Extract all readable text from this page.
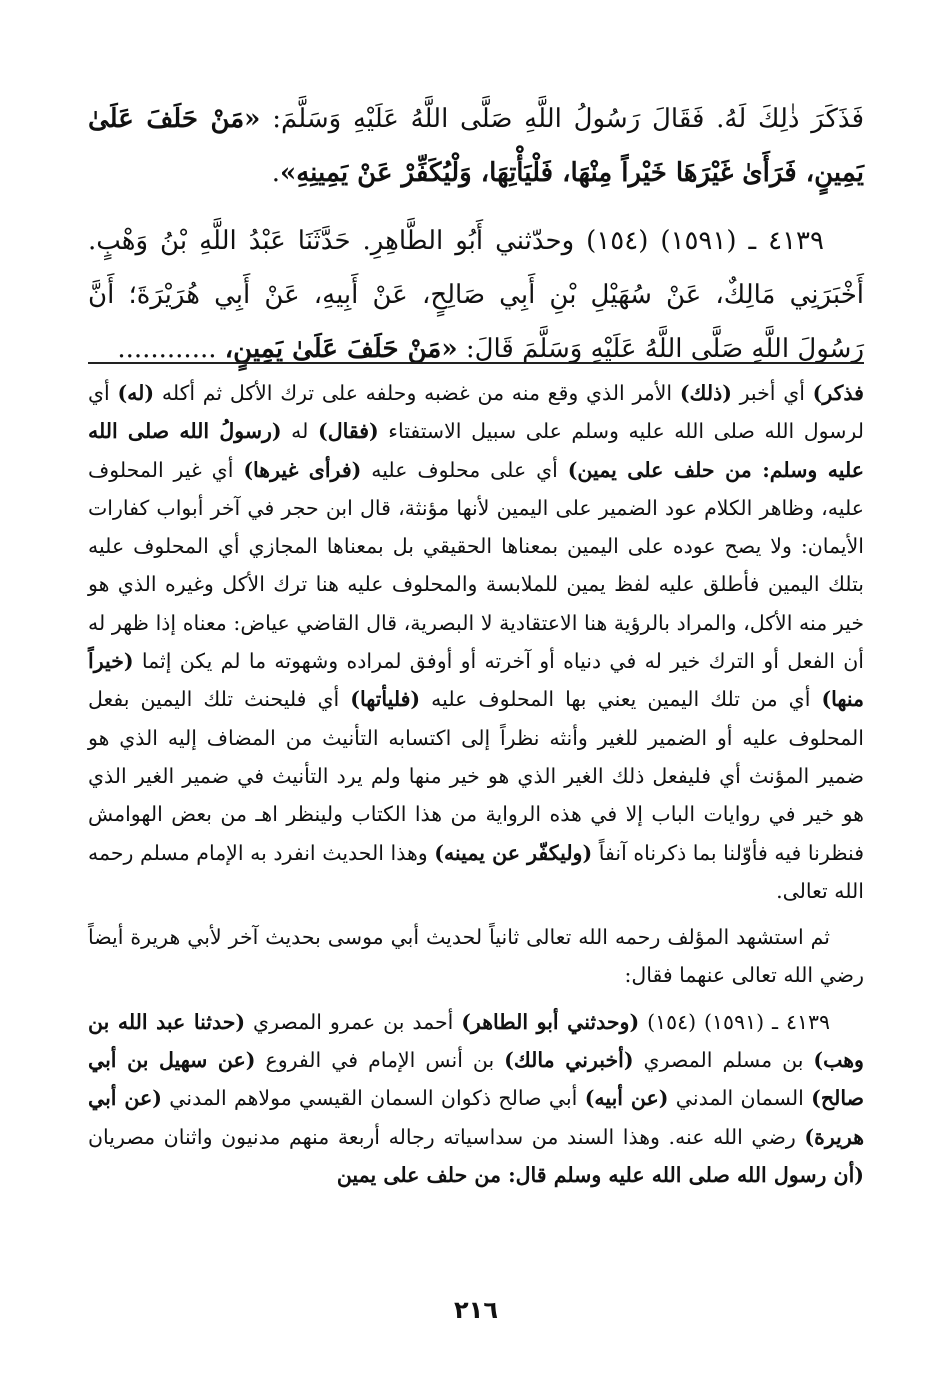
فَذَكَرَ ذٰلِكَ لَهُ. فَقَالَ رَسُولُ اللَّهِ صَلَّى اللَّهُ عَلَيْهِ وَسَلَّمَ: «مَنْ حَلَفَ عَلَىٰ يَمِينٍ، فَرَأَىٰ غَيْرَهَا خَيْراً مِنْهَا، فَلْيَأْتِهَا، وَلْيُكَفِّرْ عَنْ يَمِينِهِ».

٤١٣٩ ـ (١٥٩١) (١٥٤) وحدّثني أَبُو الطَّاهِرِ. حَدَّثَنَا عَبْدُ اللَّهِ بْنُ وَهْبٍ. أَخْبَرَنِي مَالِكٌ، عَنْ سُهَيْلِ بْنِ أَبِي صَالِحٍ، عَنْ أَبِيهِ، عَنْ أَبِي هُرَيْرَةَ؛ أَنَّ رَسُولَ اللَّهِ صَلَّى اللَّهُ عَلَيْهِ وَسَلَّمَ قَالَ: «مَنْ حَلَفَ عَلَىٰ يَمِينٍ، ............

فذكر) أي أخبر (ذلك) الأمر الذي وقع منه من غضبه وحلفه على ترك الأكل ثم أكله (له) أي لرسول الله صلى الله عليه وسلم على سبيل الاستفتاء (فقال) له (رسولُ الله صلى الله عليه وسلم: من حلف على يمين) أي على محلوف عليه (فرأى غيرها) أي غير المحلوف عليه، وظاهر الكلام عود الضمير على اليمين لأنها مؤنثة، قال ابن حجر في آخر أبواب كفارات الأيمان: ولا يصح عوده على اليمين بمعناها الحقيقي بل بمعناها المجازي أي المحلوف عليه بتلك اليمين فأطلق عليه لفظ يمين للملابسة والمحلوف عليه هنا ترك الأكل وغيره الذي هو خير منه الأكل، والمراد بالرؤية هنا الاعتقادية لا البصرية، قال القاضي عياض: معناه إذا ظهر له أن الفعل أو الترك خير له في دنياه أو آخرته أو أوفق لمراده وشهوته ما لم يكن إثما (خيراً منها) أي من تلك اليمين يعني بها المحلوف عليه (فليأتها) أي فليحنث تلك اليمين بفعل المحلوف عليه أو الضمير للغير وأنثه نظراً إلى اكتسابه التأنيث من المضاف إليه الذي هو ضمير المؤنث أي فليفعل ذلك الغير الذي هو خير منها ولم يرد التأنيث في ضمير الغير الذي هو خير في روايات الباب إلا في هذه الرواية من هذا الكتاب ولينظر اهـ من بعض الهوامش فنظرنا فيه فأوّلنا بما ذكرناه آنفاً (وليكفّر عن يمينه) وهذا الحديث انفرد به الإمام مسلم رحمه الله تعالى.

ثم استشهد المؤلف رحمه الله تعالى ثانياً لحديث أبي موسى بحديث آخر لأبي هريرة أيضاً رضي الله تعالى عنهما فقال:

٤١٣٩ ـ (١٥٩١) (١٥٤) (وحدثني أبو الطاهر) أحمد بن عمرو المصري (حدثنا عبد الله بن وهب) بن مسلم المصري (أخبرني مالك) بن أنس الإمام في الفروع (عن سهيل بن أبي صالح) السمان المدني (عن أبيه) أبي صالح ذكوان السمان القيسي مولاهم المدني (عن أبي هريرة) رضي الله عنه. وهذا السند من سداسياته رجاله أربعة منهم مدنيون واثنان مصريان (أن رسول الله صلى الله عليه وسلم قال: من حلف على يمين

٢١٦
